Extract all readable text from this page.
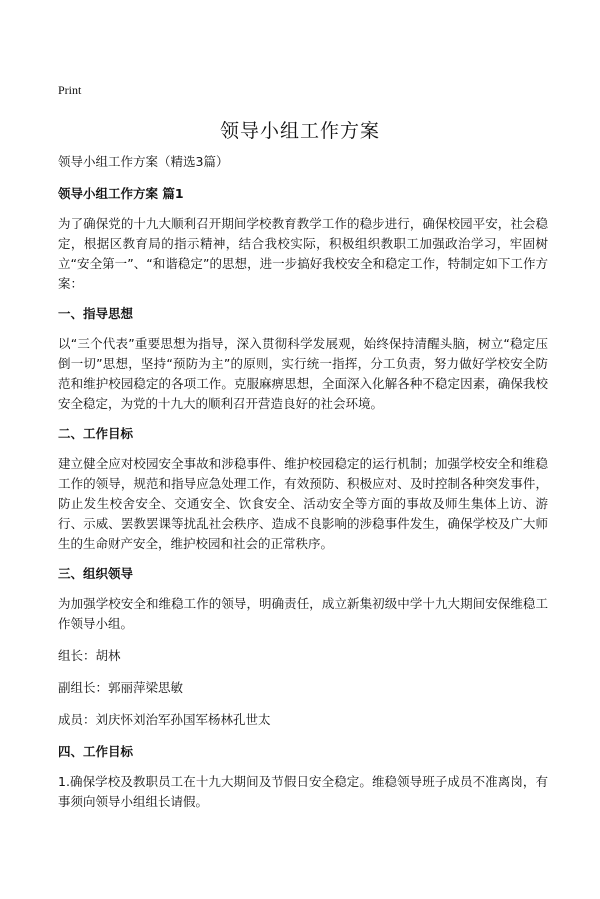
Print
领导小组工作方案

领导小组工作方案（精选3篇）

领导小组工作方案 篇1

为了确保党的十九大顺利召开期间学校教育教学工作的稳步进行，确保校园平安，社会稳定，根据区教育局的指示精神，结合我校实际，积极组织教职工加强政治学习，牢固树立“安全第一”、“和谐稳定”的思想，进一步搞好我校安全和稳定工作，特制定如下工作方案：

一、指导思想

以“三个代表”重要思想为指导，深入贯彻科学发展观，始终保持清醒头脑，树立“稳定压倒一切”思想，坚持“预防为主”的原则，实行统一指挥，分工负责，努力做好学校安全防范和维护校园稳定的各项工作。克服麻痹思想，全面深入化解各种不稳定因素，确保我校安全稳定，为党的十九大的顺利召开营造良好的社会环境。

二、工作目标

建立健全应对校园安全事故和涉稳事件、维护校园稳定的运行机制；加强学校安全和维稳工作的领导，规范和指导应急处理工作，有效预防、积极应对、及时控制各种突发事件，防止发生校舍安全、交通安全、饮食安全、活动安全等方面的事故及师生集体上访、游行、示威、罢教罢课等扰乱社会秩序、造成不良影响的涉稳事件发生，确保学校及广大师生的生命财产安全，维护校园和社会的正常秩序。

三、组织领导

为加强学校安全和维稳工作的领导，明确责任，成立新集初级中学十九大期间安保维稳工作领导小组。

组长：胡林

副组长：郭丽萍梁思敏

成员：刘庆怀刘治军孙国军杨林孔世太

四、工作目标

1.确保学校及教职员工在十九大期间及节假日安全稳定。维稳领导班子成员不准离岗，有事须向领导小组组长请假。
